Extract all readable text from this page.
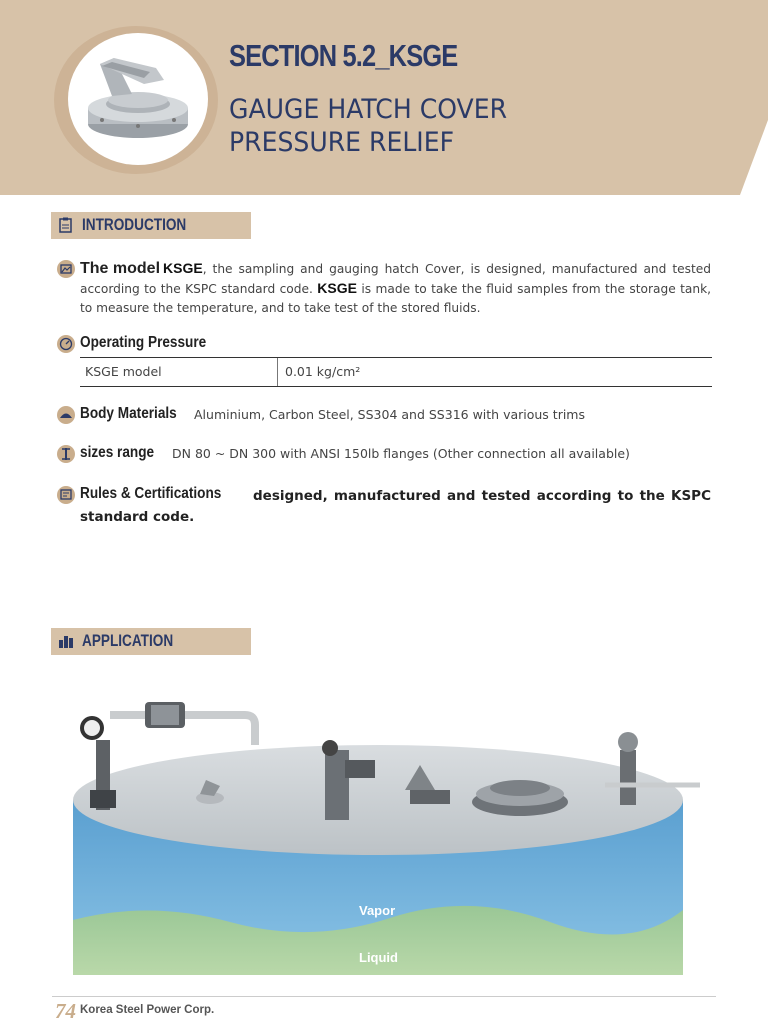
SECTION 5.2_KSGE
GAUGE HATCH COVER
PRESSURE RELIEF
INTRODUCTION
The model KSGE, the sampling and gauging hatch Cover, is designed, manufactured and tested according to the KSPC standard code. KSGE is made to take the fluid samples from the storage tank, to measure the temperature, and to take test of the stored fluids.
Operating Pressure
KSGE model	0.01 kg/cm²
Body Materials Aluminium, Carbon Steel, SS304 and SS316 with various trims
sizes range DN 80 ~ DN 300 with ANSI 150lb flanges (Other connection all available)
Rules & Certifications	designed, manufactured and tested according to the KSPC standard code.
APPLICATION
Vapor
Liquid
74 Korea Steel Power Corp.
